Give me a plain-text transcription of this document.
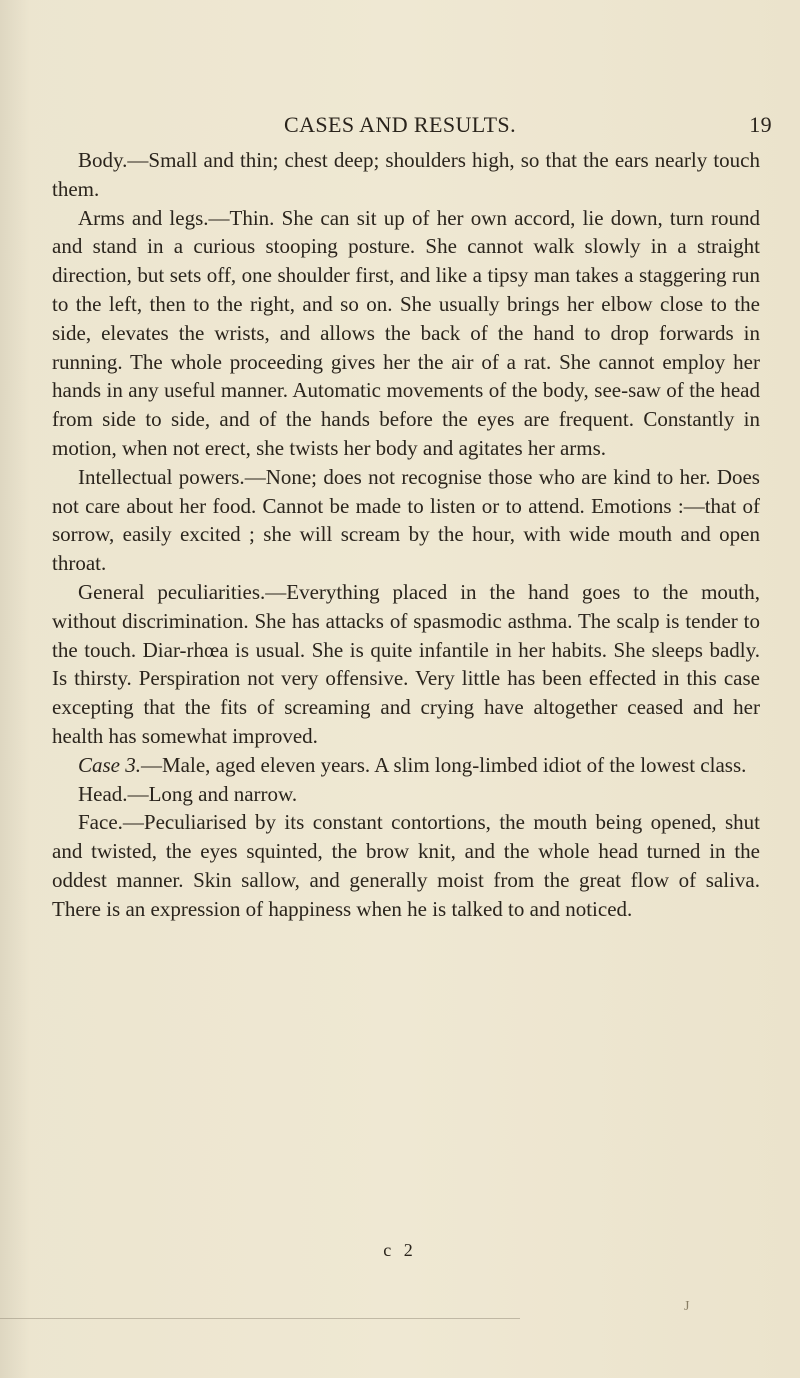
CASES AND RESULTS.	19

Body.—Small and thin; chest deep; shoulders high, so that the ears nearly touch them.

Arms and legs.—Thin. She can sit up of her own accord, lie down, turn round and stand in a curious stooping posture. She cannot walk slowly in a straight direction, but sets off, one shoulder first, and like a tipsy man takes a staggering run to the left, then to the right, and so on. She usually brings her elbow close to the side, elevates the wrists, and allows the back of the hand to drop forwards in running. The whole proceeding gives her the air of a rat. She cannot employ her hands in any useful manner. Automatic movements of the body, see-saw of the head from side to side, and of the hands before the eyes are frequent. Constantly in motion, when not erect, she twists her body and agitates her arms.

Intellectual powers.—None; does not recognise those who are kind to her. Does not care about her food. Cannot be made to listen or to attend. Emotions :—that of sorrow, easily excited ; she will scream by the hour, with wide mouth and open throat.

General peculiarities.—Everything placed in the hand goes to the mouth, without discrimination. She has attacks of spasmodic asthma. The scalp is tender to the touch. Diar-rhœa is usual. She is quite infantile in her habits. She sleeps badly. Is thirsty. Perspiration not very offensive. Very little has been effected in this case excepting that the fits of screaming and crying have altogether ceased and her health has somewhat improved.

Case 3.—Male, aged eleven years. A slim long-limbed idiot of the lowest class.

Head.—Long and narrow.

Face.—Peculiarised by its constant contortions, the mouth being opened, shut and twisted, the eyes squinted, the brow knit, and the whole head turned in the oddest manner. Skin sallow, and generally moist from the great flow of saliva. There is an expression of happiness when he is talked to and noticed.

c 2
J
